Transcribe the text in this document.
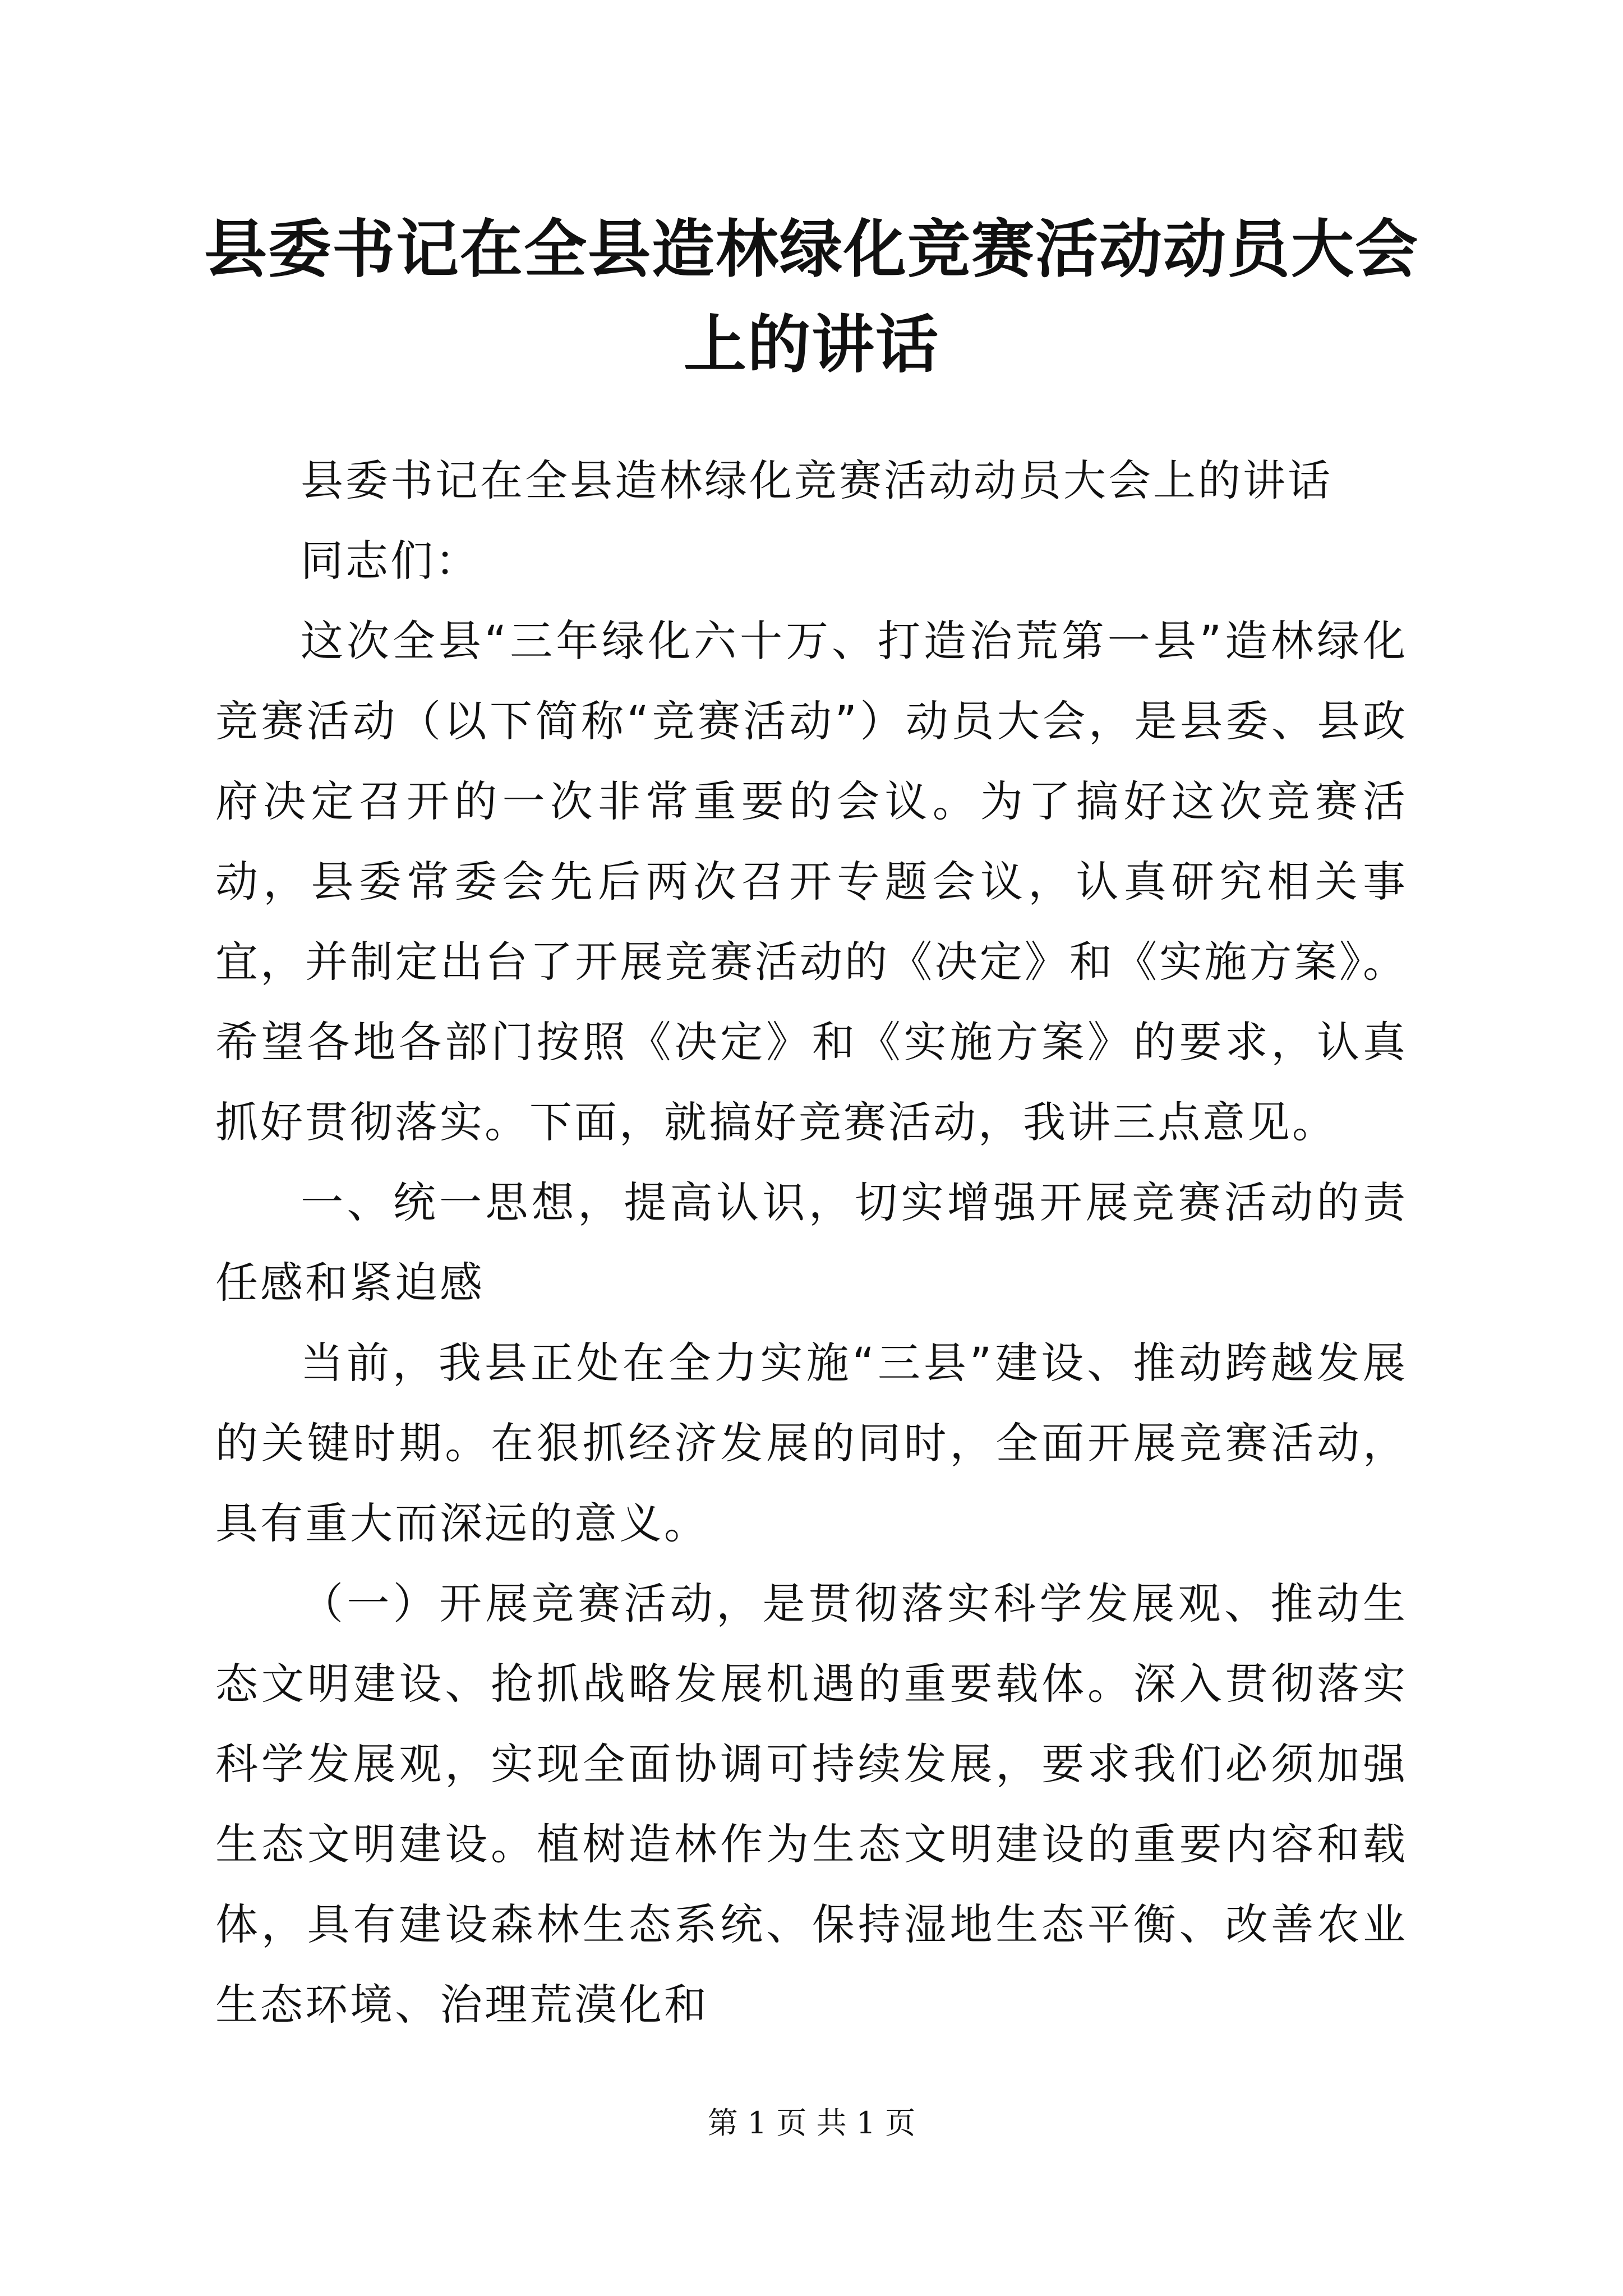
县委书记在全县造林绿化竞赛活动动员大会上的讲话

县委书记在全县造林绿化竞赛活动动员大会上的讲话

同志们：

这次全县“三年绿化六十万、打造治荒第一县”造林绿化竞赛活动（以下简称“竞赛活动”）动员大会，是县委、县政府决定召开的一次非常重要的会议。为了搞好这次竞赛活动，县委常委会先后两次召开专题会议，认真研究相关事宜，并制定出台了开展竞赛活动的《决定》和《实施方案》。希望各地各部门按照《决定》和《实施方案》的要求，认真抓好贯彻落实。下面，就搞好竞赛活动，我讲三点意见。

一、统一思想，提高认识，切实增强开展竞赛活动的责任感和紧迫感

当前，我县正处在全力实施“三县”建设、推动跨越发展的关键时期。在狠抓经济发展的同时，全面开展竞赛活动，具有重大而深远的意义。

（一）开展竞赛活动，是贯彻落实科学发展观、推动生态文明建设、抢抓战略发展机遇的重要载体。深入贯彻落实科学发展观，实现全面协调可持续发展，要求我们必须加强生态文明建设。植树造林作为生态文明建设的重要内容和载体，具有建设森林生态系统、保持湿地生态平衡、改善农业生态环境、治理荒漠化和

第 1 页 共 1 页
